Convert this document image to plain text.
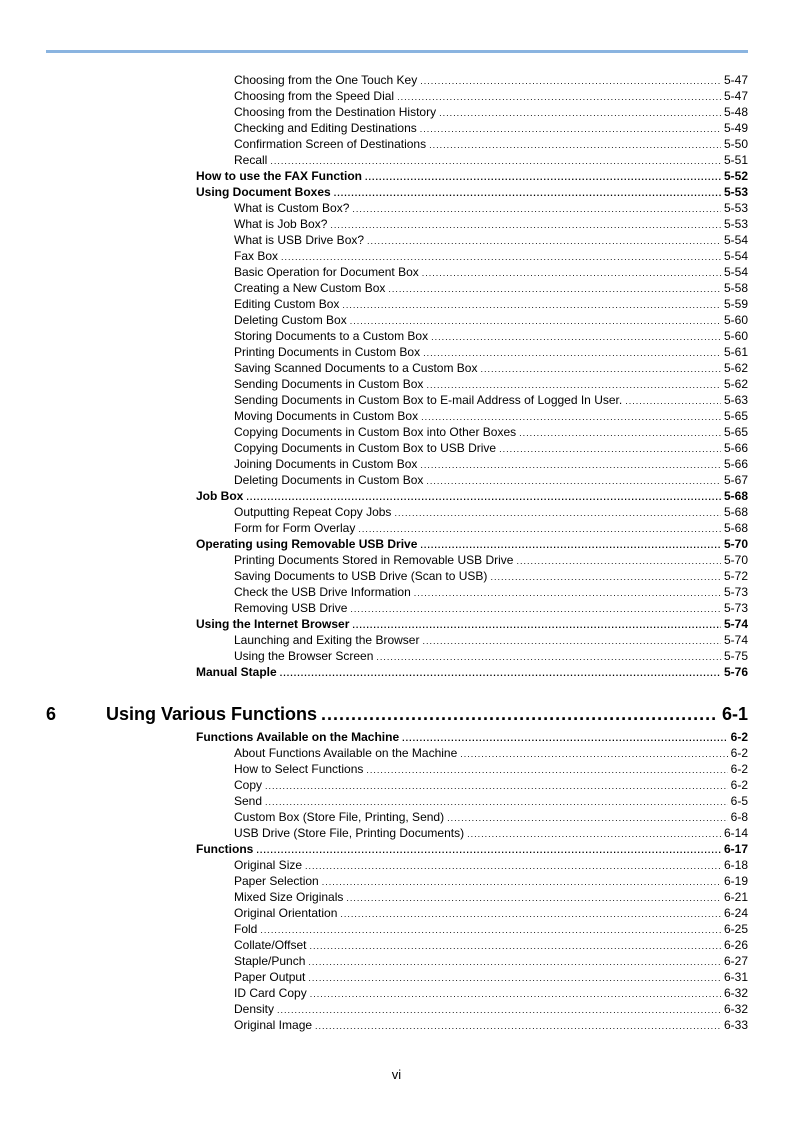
Choosing from the One Touch Key .....	5-47
Choosing from the Speed Dial .....	5-47
Choosing from the Destination History .....	5-48
Checking and Editing Destinations .....	5-49
Confirmation Screen of Destinations .....	5-50
Recall .....	5-51
How to use the FAX Function .....	5-52
Using Document Boxes .....	5-53
What is Custom Box? .....	5-53
What is Job Box? .....	5-53
What is USB Drive Box? .....	5-54
Fax Box .....	5-54
Basic Operation for Document Box .....	5-54
Creating a New Custom Box .....	5-58
Editing Custom Box .....	5-59
Deleting Custom Box .....	5-60
Storing Documents to a Custom Box .....	5-60
Printing Documents in Custom Box .....	5-61
Saving Scanned Documents to a Custom Box .....	5-62
Sending Documents in Custom Box .....	5-62
Sending Documents in Custom Box to E-mail Address of Logged In User. .....	5-63
Moving Documents in Custom Box .....	5-65
Copying Documents in Custom Box into Other Boxes .....	5-65
Copying Documents in Custom Box to USB Drive .....	5-66
Joining Documents in Custom Box .....	5-66
Deleting Documents in Custom Box .....	5-67
Job Box .....	5-68
Outputting Repeat Copy Jobs .....	5-68
Form for Form Overlay .....	5-68
Operating using Removable USB Drive .....	5-70
Printing Documents Stored in Removable USB Drive .....	5-70
Saving Documents to USB Drive (Scan to USB) .....	5-72
Check the USB Drive Information .....	5-73
Removing USB Drive .....	5-73
Using the Internet Browser .....	5-74
Launching and Exiting the Browser .....	5-74
Using the Browser Screen .....	5-75
Manual Staple .....	5-76
6	Using Various Functions .....	6-1
Functions Available on the Machine .....	6-2
About Functions Available on the Machine .....	6-2
How to Select Functions .....	6-2
Copy .....	6-2
Send .....	6-5
Custom Box (Store File, Printing, Send) .....	6-8
USB Drive (Store File, Printing Documents) .....	6-14
Functions .....	6-17
Original Size .....	6-18
Paper Selection .....	6-19
Mixed Size Originals .....	6-21
Original Orientation .....	6-24
Fold .....	6-25
Collate/Offset .....	6-26
Staple/Punch .....	6-27
Paper Output .....	6-31
ID Card Copy .....	6-32
Density .....	6-32
Original Image .....	6-33
vi
